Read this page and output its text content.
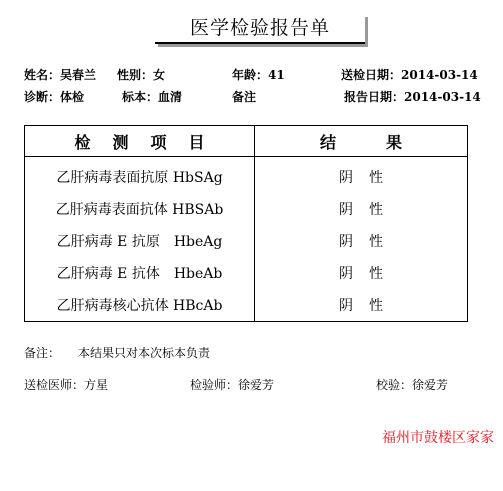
医学检验报告单
姓名：吴春兰 性别：女	年龄：41	送检日期：2014-03-14
诊断：体检	标本：血清	备注	报告日期：2014-03-14
检测项目	结果
乙肝病毒表面抗原 HbSAg	阴性
乙肝病毒表面抗体 HBSAb	阴性
乙肝病毒 E 抗原　HbeAg	阴性
乙肝病毒 E 抗体　HbeAb	阴性
乙肝病毒核心抗体 HBcAb	阴性
备注：　　本结果只对本次标本负责
送检医师：方星	检验师：徐爱芳	校验：徐爱芳
福州市鼓楼区家家
